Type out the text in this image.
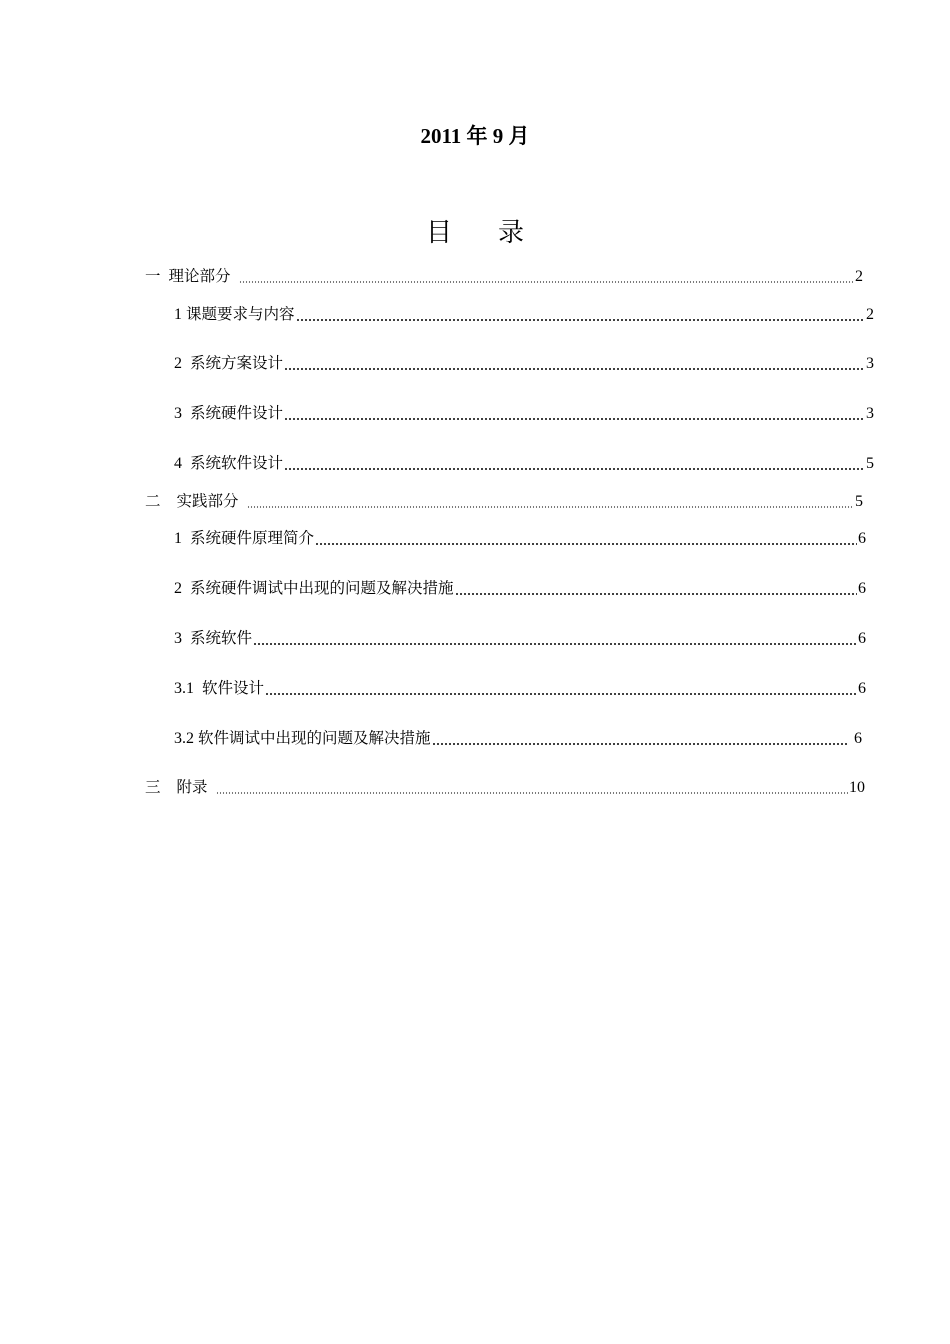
2011 年 9 月
目 录
一 理论部分	2
1 课题要求与内容	2
2 系统方案设计	3
3 系统硬件设计	3
4 系统软件设计	5
二 实践部分	5
1 系统硬件原理简介	6
2 系统硬件调试中出现的问题及解决措施	6
3 系统软件	6
3.1 软件设计	6
3.2 软件调试中出现的问题及解决措施	6
三 附录	10
